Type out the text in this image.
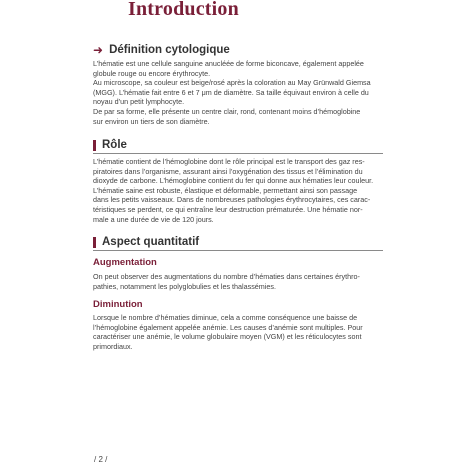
Introduction
➜ Définition cytologique

L’hématie est une cellule sanguine anucléée de forme biconcave, également appelée
globule rouge ou encore érythrocyte.
Au microscope, sa couleur est beige/rosé après la coloration au May Grünwald Giemsa
(MGG). L’hématie fait entre 6 et 7 μm de diamètre. Sa taille équivaut environ à celle du
noyau d’un petit lymphocyte.
De par sa forme, elle présente un centre clair, rond, contenant moins d’hémoglobine
sur environ un tiers de son diamètre.

Rôle

L’hématie contient de l’hémoglobine dont le rôle principal est le transport des gaz res-
piratoires dans l’organisme, assurant ainsi l’oxygénation des tissus et l’élimination du
dioxyde de carbone. L’hémoglobine contient du fer qui donne aux hématies leur couleur.
L’hématie saine est robuste, élastique et déformable, permettant ainsi son passage
dans les petits vaisseaux. Dans de nombreuses pathologies érythrocytaires, ces carac-
téristiques se perdent, ce qui entraîne leur destruction prématurée. Une hématie nor-
male a une durée de vie de 120 jours.

Aspect quantitatif
Augmentation

On peut observer des augmentations du nombre d’hématies dans certaines érythro-
pathies, notamment les polyglobulies et les thalassémies.

Diminution

Lorsque le nombre d’hématies diminue, cela a comme conséquence une baisse de
l’hémoglobine également appelée anémie. Les causes d’anémie sont multiples. Pour
caractériser une anémie, le volume globulaire moyen (VGM) et les réticulocytes sont
primordiaux.

/ 2 /
